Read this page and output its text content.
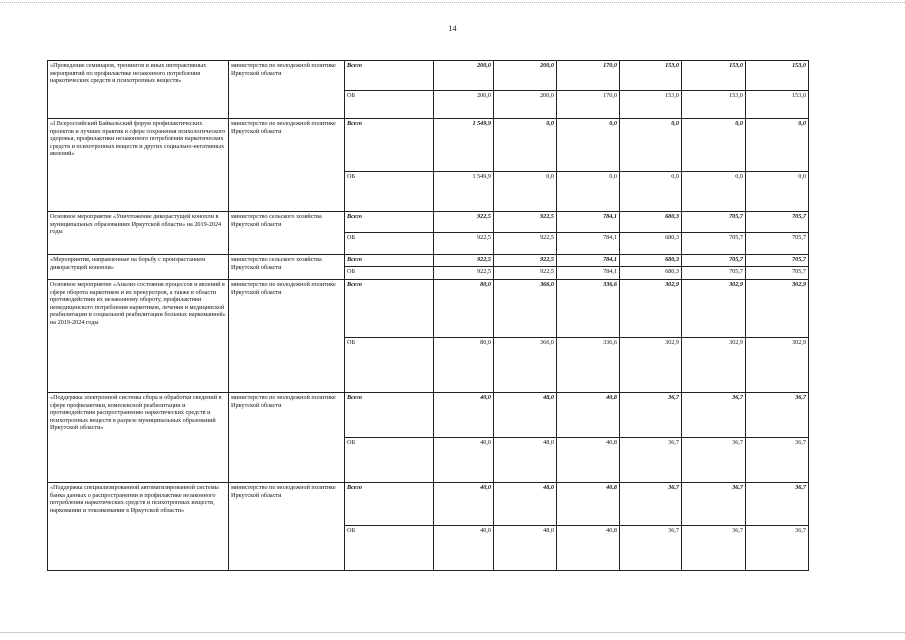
14
«Проведение семинаров, тренингов и иных интерактивных мероприятий по профилактике незаконного потребления наркотических средств и психотропных веществ»	министерство по молодежной политике Иркутской области	Всего	200,0	200,0	170,0	153,0	153,0	153,0
		ОБ	200,0	200,0	170,0	153,0	153,0	153,0
«I Всероссийский Байкальский форум профилактических проектов и лучших практик в сфере сохранения психологического здоровья, профилактики незаконного потребления наркотических средств и психотропных веществ и других социально-негативных явлений»	министерство по молодежной политике Иркутской области	Всего	1 549,9	0,0	0,0	0,0	0,0	0,0
		ОБ	1 549,9	0,0	0,0	0,0	0,0	0,0
Основное мероприятие «Уничтожение дикорастущей конопли в муниципальных образованиях Иркутской области» на 2019-2024 годы	министерство сельского хозяйства Иркутской области	Всего	922,5	922,5	784,1	680,3	705,7	705,7
		ОБ	922,5	922,5	784,1	680,3	705,7	705,7
«Мероприятия, направленные на борьбу с произрастанием дикорастущей конопли»	министерство сельского хозяйства Иркутской области	Всего	922,5	922,5	784,1	680,3	705,7	705,7
		ОБ	922,5	922,5	784,1	680,3	705,7	705,7
Основное мероприятие «Анализ состояния процессов и явлений в сфере оборота наркотиков и их прекурсоров, а также в области противодействия их незаконному обороту, профилактики немедицинского потребления наркотиков, лечения и медицинской реабилитации и социальной реабилитации больных наркоманией» на 2019-2024 годы	министерство по молодежной политике Иркутской области	Всего	80,0	366,0	336,6	302,9	302,9	302,9
		ОБ	80,0	366,0	336,6	302,9	302,9	302,9
«Поддержка электронной системы сбора и обработки сведений в сфере профилактики, комплексной реабилитации и противодействия распространению наркотических средств и психотропных веществ в разрезе муниципальных образований Иркутской области»	министерство по молодежной политике Иркутской области	Всего	40,0	48,0	40,8	36,7	36,7	36,7
		ОБ	40,0	48,0	40,8	36,7	36,7	36,7
«Поддержка специализированной автоматизированной системы банка данных о распространении и профилактике незаконного потребления наркотических средств и психотропных веществ, наркомании и токсикомании в Иркутской области»	министерство по молодежной политике Иркутской области	Всего	40,0	48,0	40,8	36,7	36,7	36,7
		ОБ	40,0	48,0	40,8	36,7	36,7	36,7
